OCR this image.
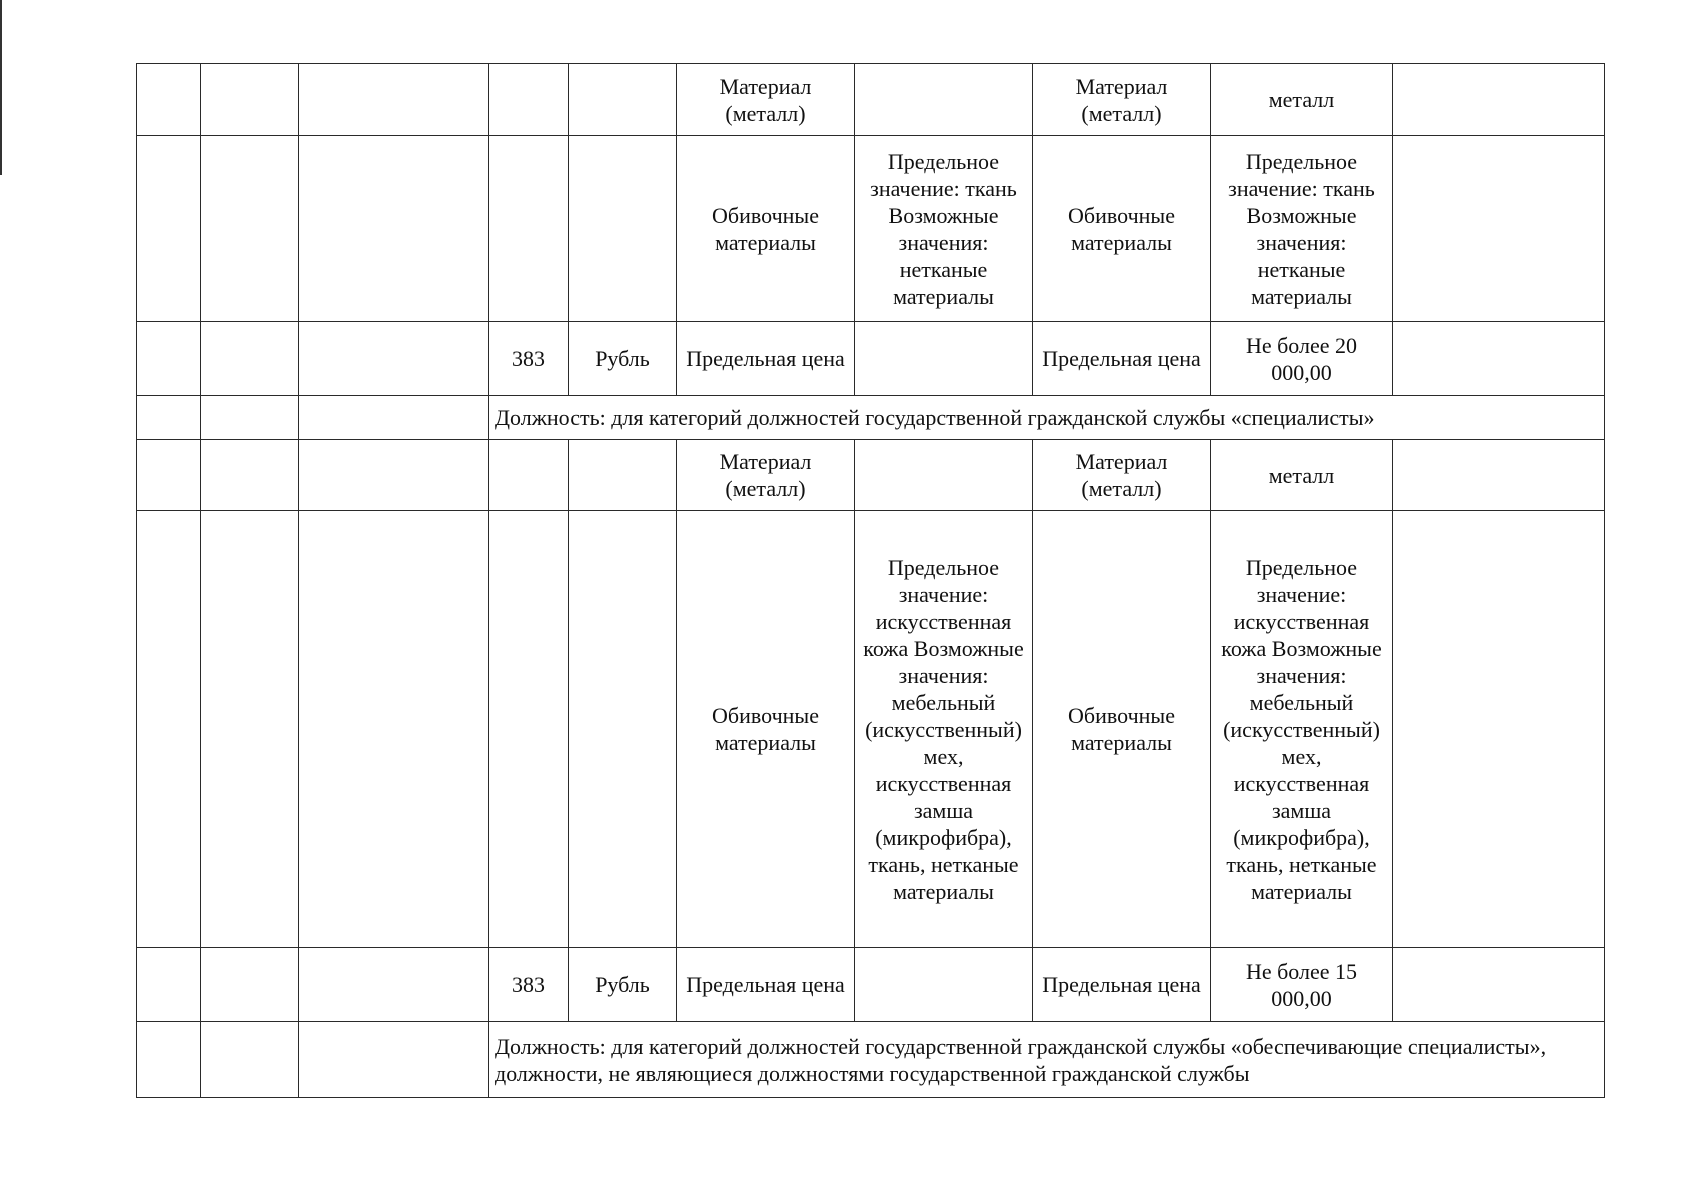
					Материал (металл)		Материал (металл)	металл	
					Обивочные материалы	Предельное значение: ткань Возможные значения: нетканые материалы	Обивочные материалы	Предельное значение: ткань Возможные значения: нетканые материалы	
			383	Рубль	Предельная цена		Предельная цена	Не более 20 000,00	
			Должность: для категорий должностей государственной гражданской службы «специалисты»						
					Материал (металл)		Материал (металл)	металл	
					Обивочные материалы	Предельное значение: искусственная кожа Возможные значения: мебельный (искусственный) мех, искусственная замша (микрофибра), ткань, нетканые материалы	Обивочные материалы	Предельное значение: искусственная кожа Возможные значения: мебельный (искусственный) мех, искусственная замша (микрофибра), ткань, нетканые материалы	
			383	Рубль	Предельная цена		Предельная цена	Не более 15 000,00	
			Должность: для категорий должностей государственной гражданской службы «обеспечивающие специалисты», должности, не являющиеся должностями государственной гражданской службы						
